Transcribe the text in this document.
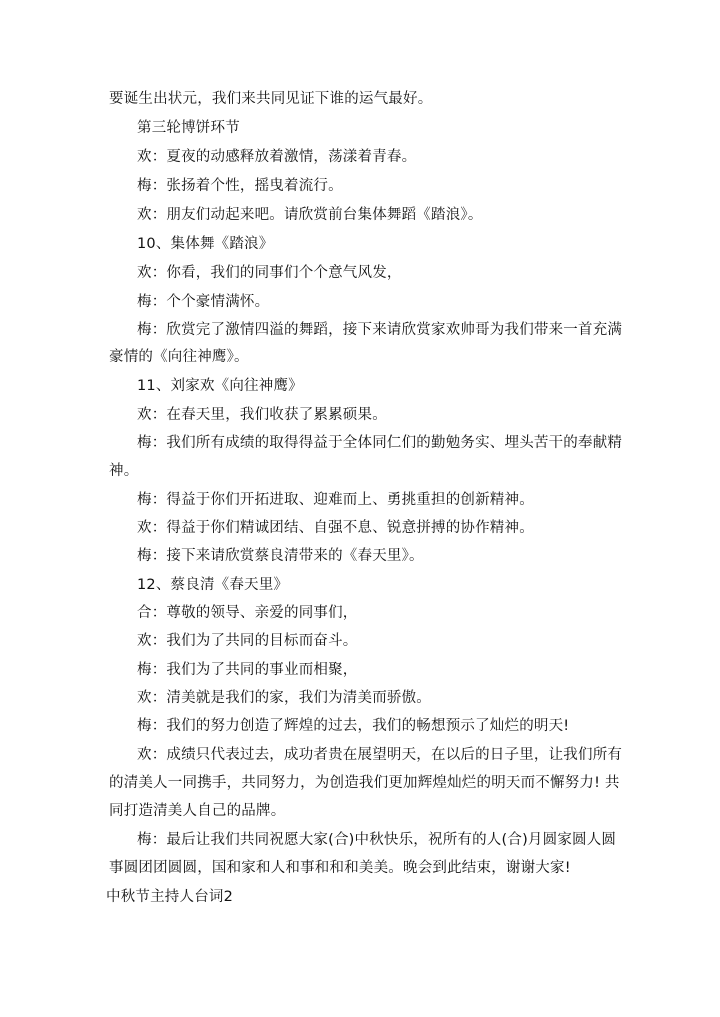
要诞生出状元，我们来共同见证下谁的运气最好。
第三轮博饼环节
欢：夏夜的动感释放着激情，荡漾着青春。
梅：张扬着个性，摇曳着流行。
欢：朋友们动起来吧。请欣赏前台集体舞蹈《踏浪》。
10、集体舞《踏浪》
欢：你看，我们的同事们个个意气风发，
梅：个个豪情满怀。
梅：欣赏完了激情四溢的舞蹈，接下来请欣赏家欢帅哥为我们带来一首充满
豪情的《向往神鹰》。
11、刘家欢《向往神鹰》
欢：在春天里，我们收获了累累硕果。
梅：我们所有成绩的取得得益于全体同仁们的勤勉务实、埋头苦干的奉献精
神。
梅：得益于你们开拓进取、迎难而上、勇挑重担的创新精神。
欢：得益于你们精诚团结、自强不息、锐意拼搏的协作精神。
梅：接下来请欣赏蔡良清带来的《春天里》。
12、蔡良清《春天里》
合：尊敬的领导、亲爱的同事们，
欢：我们为了共同的目标而奋斗。
梅：我们为了共同的事业而相聚，
欢：清美就是我们的家，我们为清美而骄傲。
梅：我们的努力创造了辉煌的过去，我们的畅想预示了灿烂的明天!
欢：成绩只代表过去，成功者贵在展望明天，在以后的日子里，让我们所有
的清美人一同携手，共同努力，为创造我们更加辉煌灿烂的明天而不懈努力! 共
同打造清美人自己的品牌。
梅：最后让我们共同祝愿大家(合)中秋快乐，祝所有的人(合)月圆家圆人圆
事圆团团圆圆，国和家和人和事和和和美美。晚会到此结束，谢谢大家!
中秋节主持人台词2
